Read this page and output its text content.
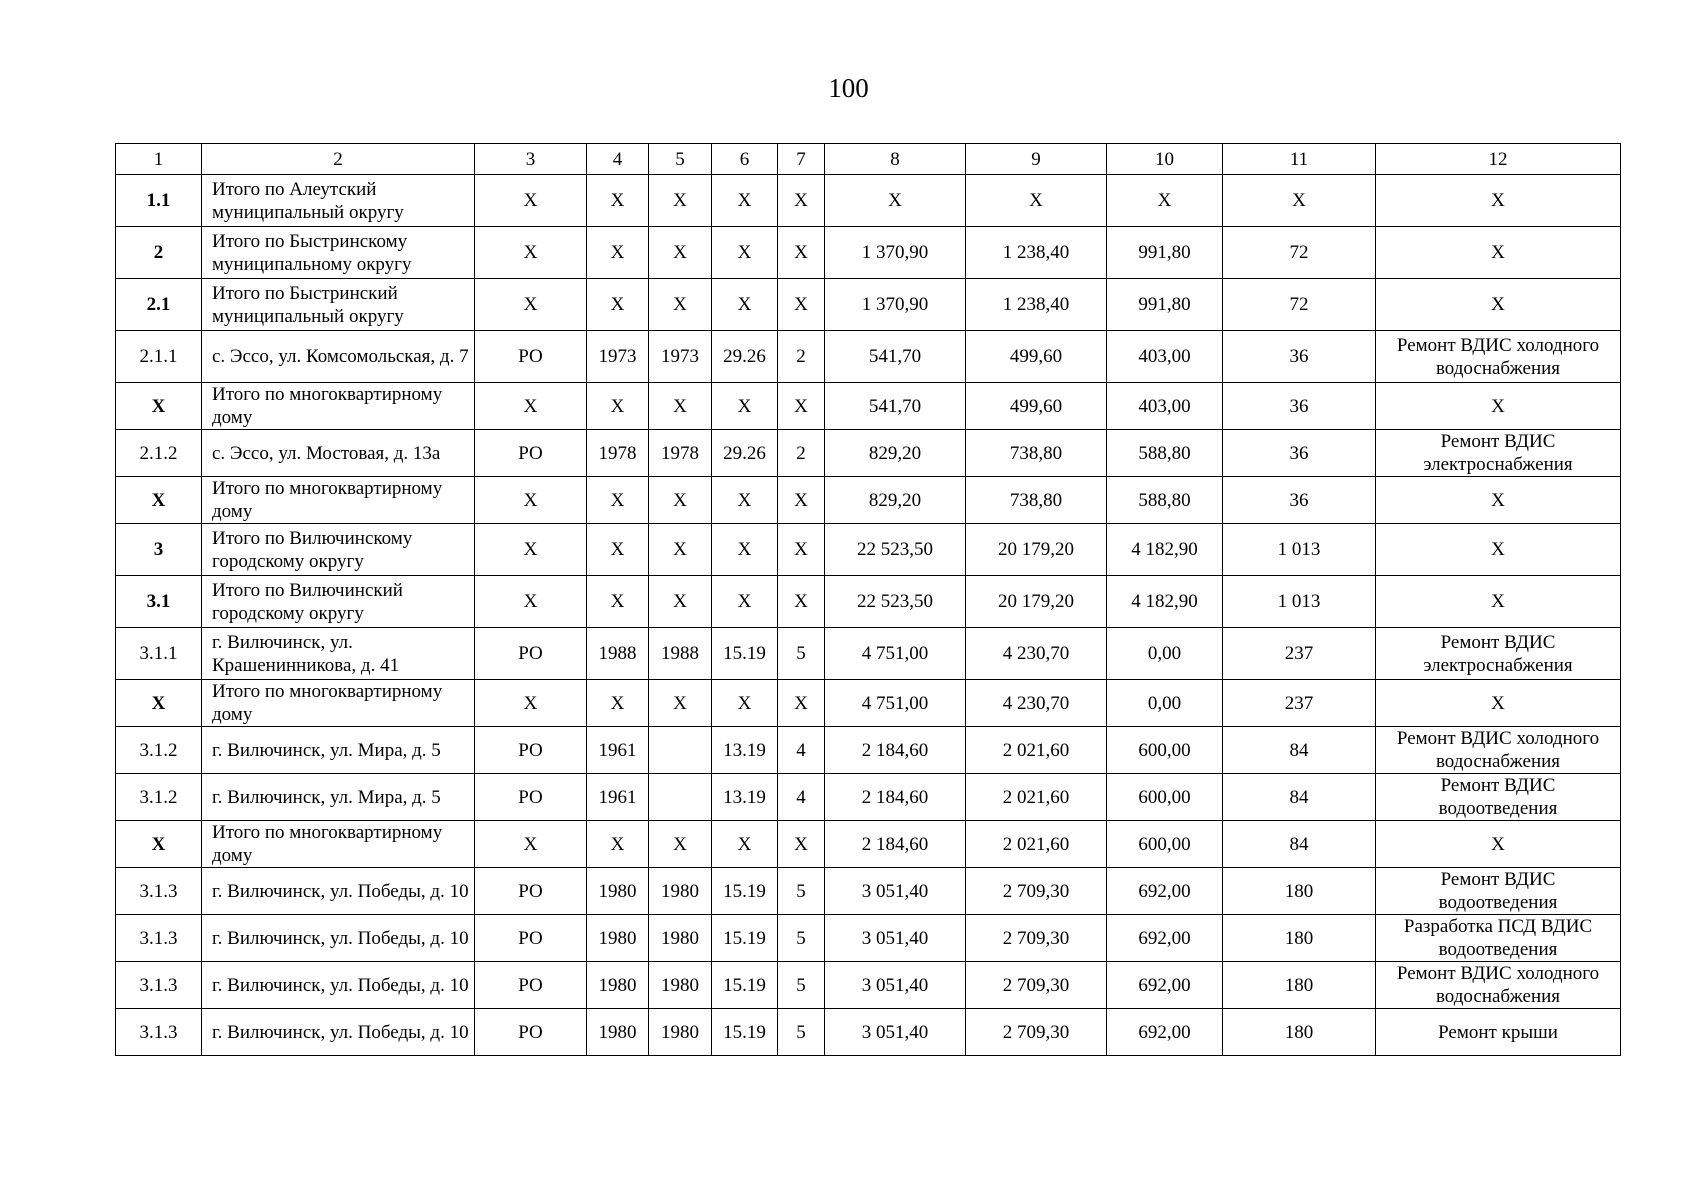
100
1	2	3	4	5	6	7	8	9	10	11	12
1.1	Итого по Алеутский муниципальный округу	X	X	X	X	X	X	X	X	X	X
2	Итого по Быстринскому муниципальному округу	X	X	X	X	X	1 370,90	1 238,40	991,80	72	X
2.1	Итого по Быстринский муниципальный округу	X	X	X	X	X	1 370,90	1 238,40	991,80	72	X
2.1.1	с. Эссо, ул. Комсомольская, д. 7	РО	1973	1973	29.26	2	541,70	499,60	403,00	36	Ремонт ВДИС холодного водоснабжения
X	Итого по многоквартирному дому	X	X	X	X	X	541,70	499,60	403,00	36	X
2.1.2	с. Эссо, ул. Мостовая, д. 13а	РО	1978	1978	29.26	2	829,20	738,80	588,80	36	Ремонт ВДИС электроснабжения
X	Итого по многоквартирному дому	X	X	X	X	X	829,20	738,80	588,80	36	X
3	Итого по Вилючинскому городскому округу	X	X	X	X	X	22 523,50	20 179,20	4 182,90	1 013	X
3.1	Итого по Вилючинский городскому округу	X	X	X	X	X	22 523,50	20 179,20	4 182,90	1 013	X
3.1.1	г. Вилючинск, ул. Крашенинникова, д. 41	РО	1988	1988	15.19	5	4 751,00	4 230,70	0,00	237	Ремонт ВДИС электроснабжения
X	Итого по многоквартирному дому	X	X	X	X	X	4 751,00	4 230,70	0,00	237	X
3.1.2	г. Вилючинск, ул. Мира, д. 5	РО	1961		13.19	4	2 184,60	2 021,60	600,00	84	Ремонт ВДИС холодного водоснабжения
3.1.2	г. Вилючинск, ул. Мира, д. 5	РО	1961		13.19	4	2 184,60	2 021,60	600,00	84	Ремонт ВДИС водоотведения
X	Итого по многоквартирному дому	X	X	X	X	X	2 184,60	2 021,60	600,00	84	X
3.1.3	г. Вилючинск, ул. Победы, д. 10	РО	1980	1980	15.19	5	3 051,40	2 709,30	692,00	180	Ремонт ВДИС водоотведения
3.1.3	г. Вилючинск, ул. Победы, д. 10	РО	1980	1980	15.19	5	3 051,40	2 709,30	692,00	180	Разработка ПСД ВДИС водоотведения
3.1.3	г. Вилючинск, ул. Победы, д. 10	РО	1980	1980	15.19	5	3 051,40	2 709,30	692,00	180	Ремонт ВДИС холодного водоснабжения
3.1.3	г. Вилючинск, ул. Победы, д. 10	РО	1980	1980	15.19	5	3 051,40	2 709,30	692,00	180	Ремонт крыши
